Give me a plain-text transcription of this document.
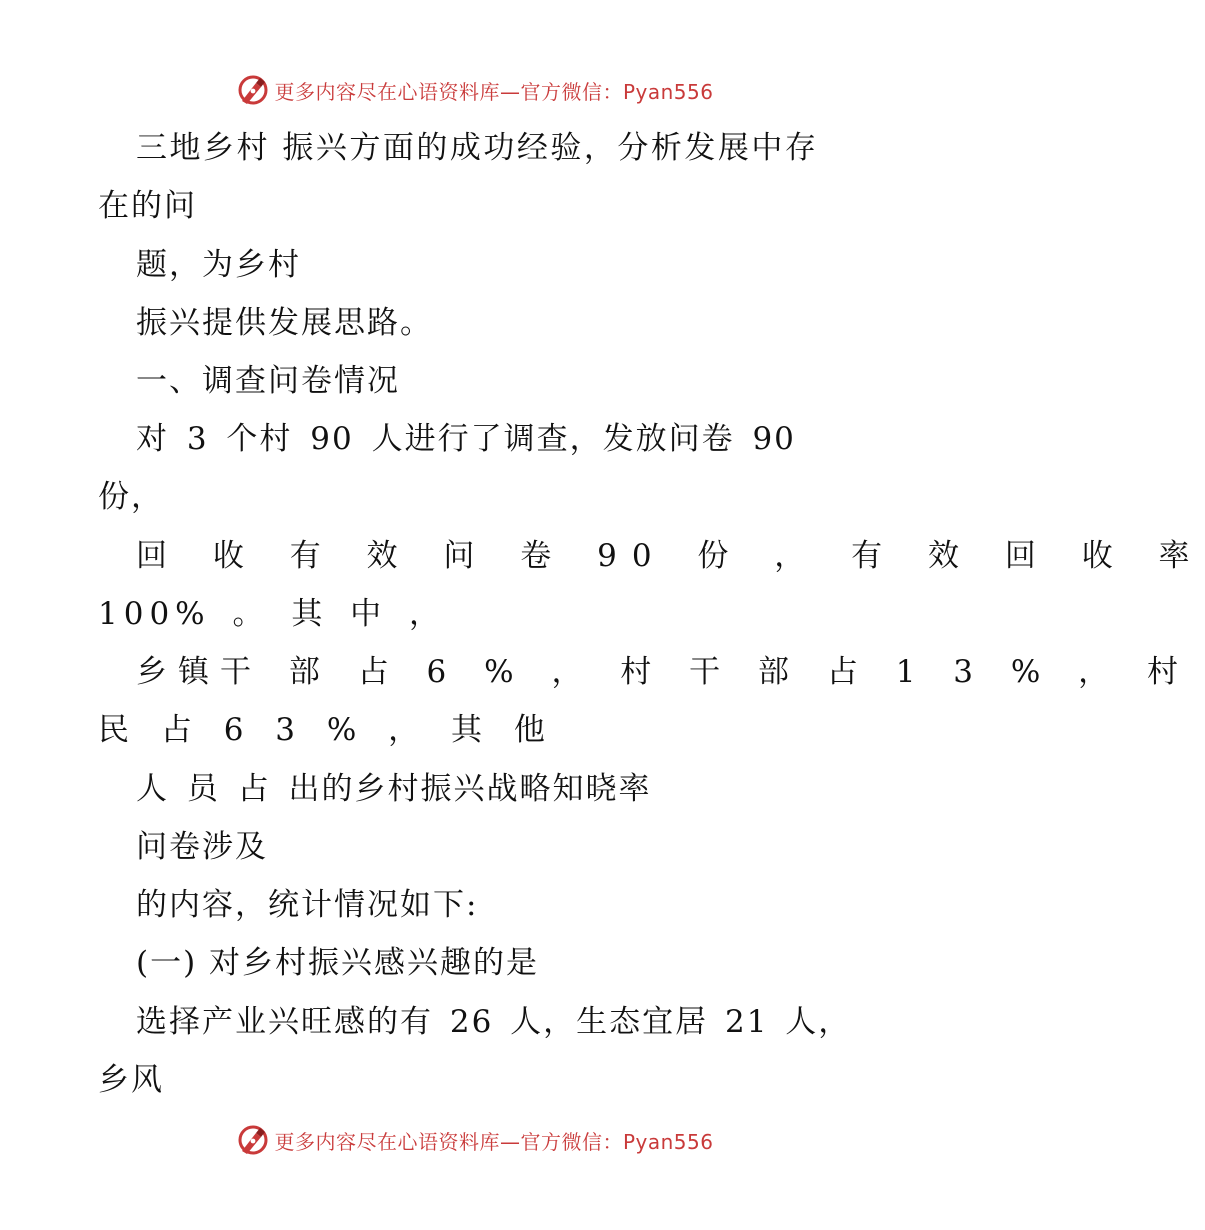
更多内容尽在心语资料库—官方微信：Pyan556
三地乡村 振兴方面的成功经验，分析发展中存
在的问
题，为乡村
振兴提供发展思路。
一、调查问卷情况
对 3 个村 90 人进行了调查，发放问卷 90
份，
回 收 有 效 问 卷 90 份 ， 有 效 回 收 率
100% 。 其 中 ，
乡镇干 部 占 6 % ， 村 干 部 占 1 3 % ， 村
民 占 6 3 % ， 其 他
人 员 占 出的乡村振兴战略知晓率
问卷涉及
的内容，统计情况如下:
(一) 对乡村振兴感兴趣的是
选择产业兴旺感的有 26 人，生态宜居 21 人，
乡风
更多内容尽在心语资料库—官方微信：Pyan556
